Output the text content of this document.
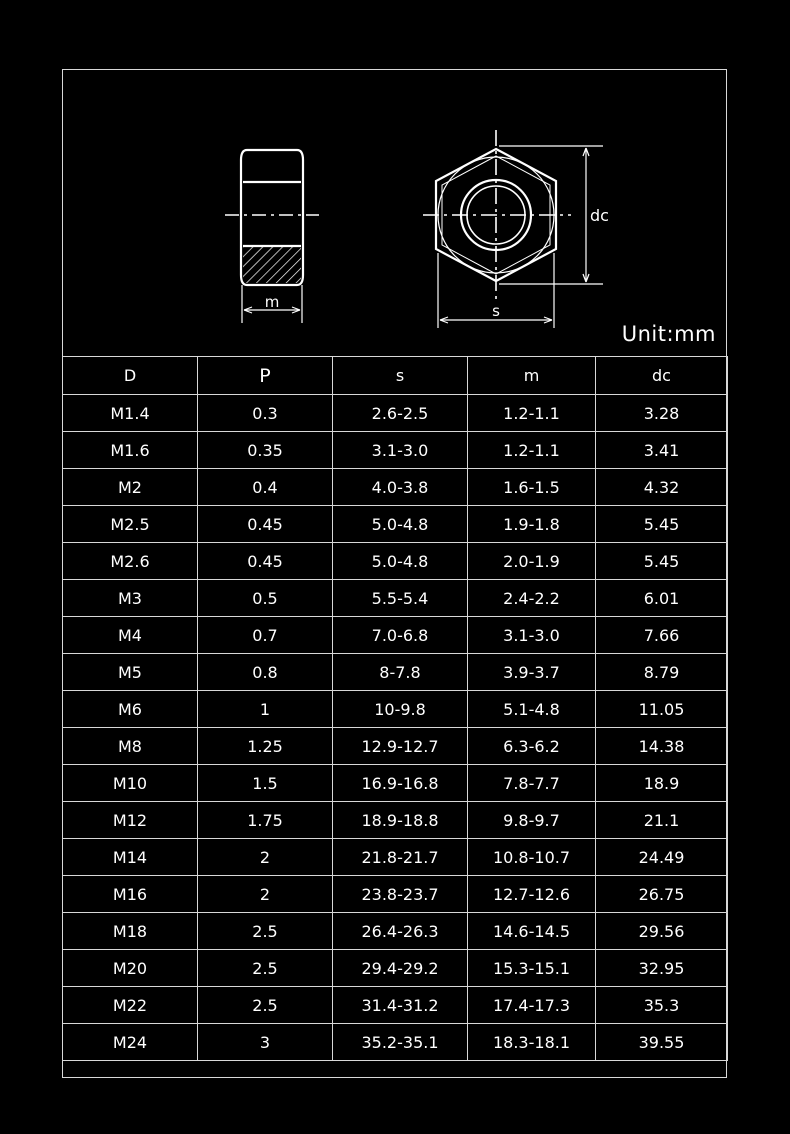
m	s
dc
Unit:mm
D	P	s	m	dc
M1.4	0.3	2.6-2.5	1.2-1.1	3.28
M1.6	0.35	3.1-3.0	1.2-1.1	3.41
M2	0.4	4.0-3.8	1.6-1.5	4.32
M2.5	0.45	5.0-4.8	1.9-1.8	5.45
M2.6	0.45	5.0-4.8	2.0-1.9	5.45
M3	0.5	5.5-5.4	2.4-2.2	6.01
M4	0.7	7.0-6.8	3.1-3.0	7.66
M5	0.8	8-7.8	3.9-3.7	8.79
M6	1	10-9.8	5.1-4.8	11.05
M8	1.25	12.9-12.7	6.3-6.2	14.38
M10	1.5	16.9-16.8	7.8-7.7	18.9
M12	1.75	18.9-18.8	9.8-9.7	21.1
M14	2	21.8-21.7	10.8-10.7	24.49
M16	2	23.8-23.7	12.7-12.6	26.75
M18	2.5	26.4-26.3	14.6-14.5	29.56
M20	2.5	29.4-29.2	15.3-15.1	32.95
M22	2.5	31.4-31.2	17.4-17.3	35.3
M24	3	35.2-35.1	18.3-18.1	39.55
